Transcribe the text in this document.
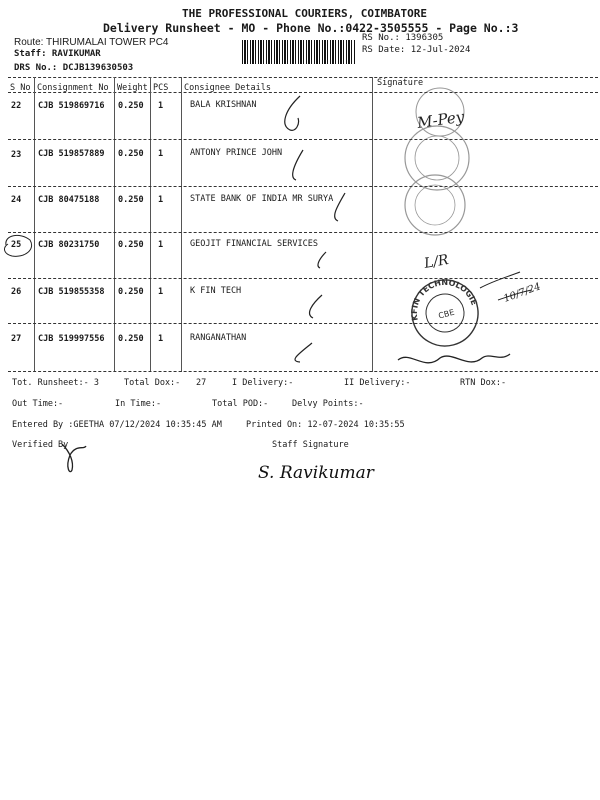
THE PROFESSIONAL COURIERS, COIMBATORE
Delivery Runsheet - MO - Phone No.:0422-3505555 - Page No.:3
Route: THIRUMALAI TOWER PC4
Staff: RAVIKUMAR
DRS No.: DCJB139630503
RS No.: 1396305
RS Date: 12-Jul-2024
S No Consignment No Weight PCS Consignee Details	Signature
22 CJB 519869716 0.250 1	BALA KRISHNAN
23 CJB 519857889 0.250 1	ANTONY PRINCE JOHN
24 CJB 80475188 0.250 1	STATE BANK OF INDIA MR SURYA
25 CJB 80231750 0.250 1	GEOJIT FINANCIAL SERVICES
26 CJB 519855358 0.250 1	K FIN TECH
27 CJB 519997556 0.250 1	RANGANATHAN
Tot. Runsheet:- 3	Total Dox:- 27	I Delivery:-	II Delivery:-	RTN Dox:-
Out Time:-	In Time:-	Total POD:-	Delvy Points:-
Entered By :GEETHA 07/12/2024 10:35:45 AM	Printed On: 12-07-2024 10:35:55
Verified By	Staff Signature
KFIN TECHNOLOGIES
CBE
M-Pey
L/R
10/7/24
S. Ravikumar
